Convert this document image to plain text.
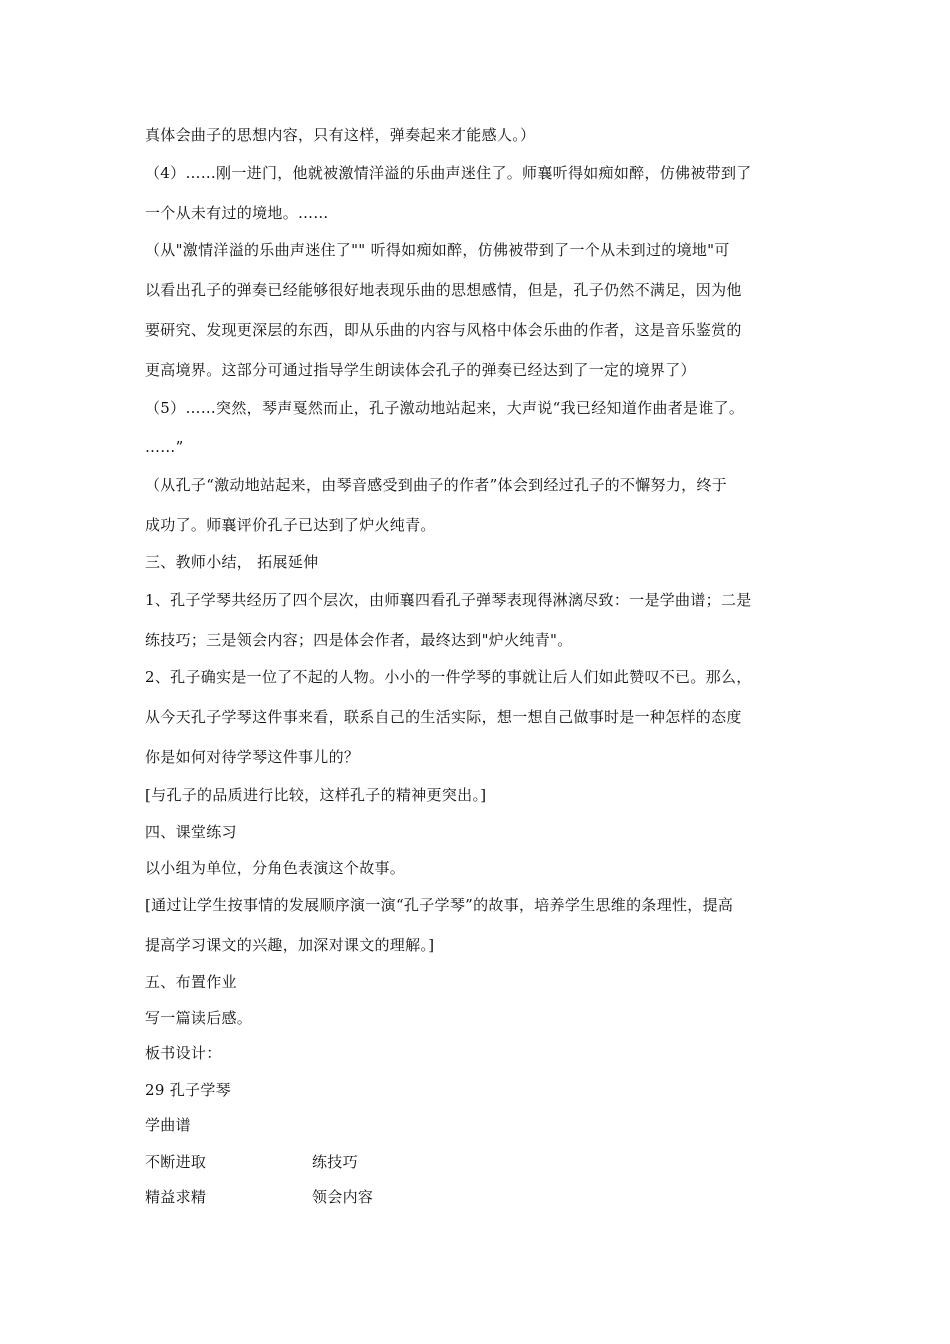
真体会曲子的思想内容，只有这样，弹奏起来才能感人。）
（4）……刚一进门，他就被激情洋溢的乐曲声迷住了。师襄听得如痴如醉，仿佛被带到了
一个从未有过的境地。……
（从"激情洋溢的乐曲声迷住了"" 听得如痴如醉，仿佛被带到了一个从未到过的境地"可
以看出孔子的弹奏已经能够很好地表现乐曲的思想感情，但是，孔子仍然不满足，因为他
要研究、发现更深层的东西，即从乐曲的内容与风格中体会乐曲的作者，这是音乐鉴赏的
更高境界。这部分可通过指导学生朗读体会孔子的弹奏已经达到了一定的境界了）
（5）……突然，琴声戛然而止，孔子激动地站起来，大声说“我已经知道作曲者是谁了。
……”
（从孔子“激动地站起来，由琴音感受到曲子的作者”体会到经过孔子的不懈努力，终于
成功了。师襄评价孔子已达到了炉火纯青。
三、教师小结， 拓展延伸
1、孔子学琴共经历了四个层次，由师襄四看孔子弹琴表现得淋漓尽致：一是学曲谱；二是
练技巧；三是领会内容；四是体会作者，最终达到"炉火纯青"。
2、孔子确实是一位了不起的人物。小小的一件学琴的事就让后人们如此赞叹不已。那么，
从今天孔子学琴这件事来看，联系自己的生活实际，想一想自己做事时是一种怎样的态度
你是如何对待学琴这件事儿的？
[与孔子的品质进行比较，这样孔子的精神更突出。]
四、课堂练习
以小组为单位，分角色表演这个故事。
[通过让学生按事情的发展顺序演一演“孔子学琴”的故事，培养学生思维的条理性，提高
提高学习课文的兴趣，加深对课文的理解。]
五、布置作业
写一篇读后感。
板书设计：
29 孔子学琴
学曲谱
不断进取	练技巧
精益求精	领会内容
